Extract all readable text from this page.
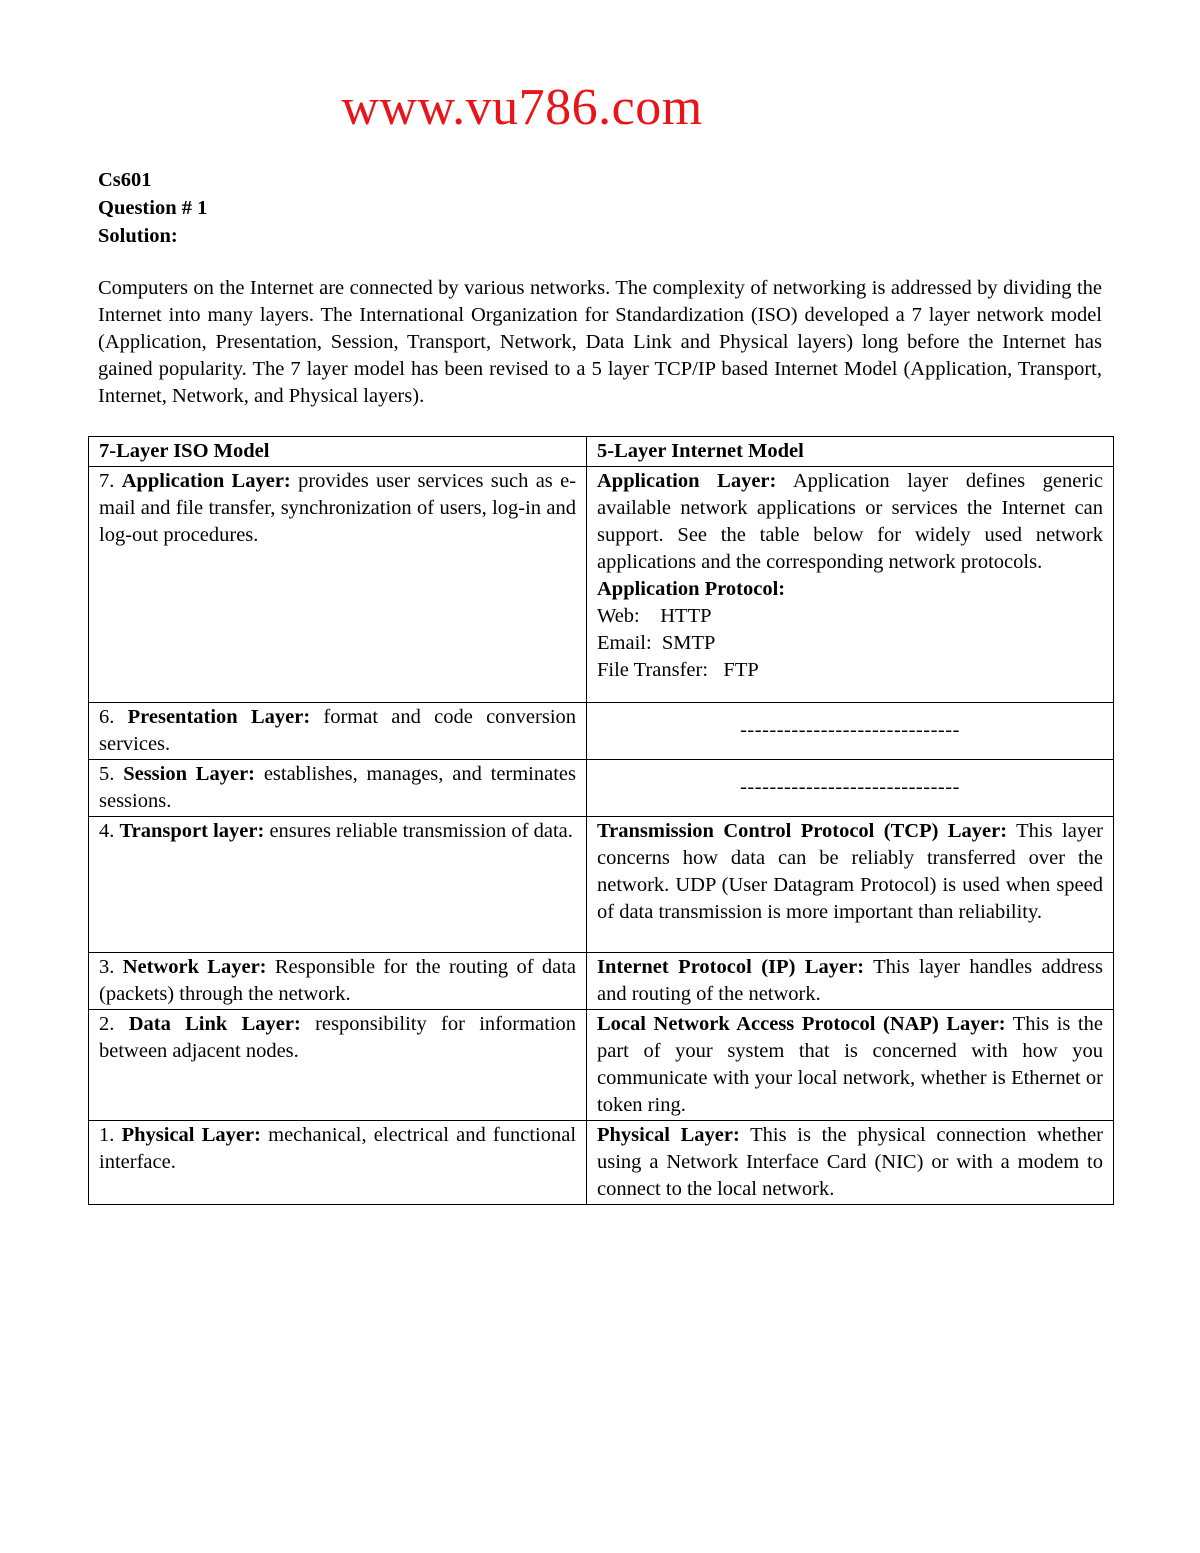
www.vu786.com
Cs601
Question # 1
Solution:
Computers on the Internet are connected by various networks. The complexity of networking is addressed by dividing the Internet into many layers. The International Organization for Standardization (ISO) developed a 7 layer network model (Application, Presentation, Session, Transport, Network, Data Link and Physical layers) long before the Internet has gained popularity. The 7 layer model has been revised to a 5 layer TCP/IP based Internet Model (Application, Transport, Internet, Network, and Physical layers).
7-Layer ISO Model	5-Layer Internet Model
7. Application Layer: provides user services such as e-mail and file transfer, synchronization of users, log-in and log-out procedures.	Application Layer: Application layer defines generic available network applications or services the Internet can support. See the table below for widely used network applications and the corresponding network protocols.
Application Protocol:
Web:    HTTP
Email:  SMTP
File Transfer:   FTP

6. Presentation Layer: format and code conversion services.	------------------------------
5. Session Layer: establishes, manages, and terminates sessions.	------------------------------
4. Transport layer: ensures reliable transmission of data.	Transmission Control Protocol (TCP) Layer: This layer concerns how data can be reliably transferred over the network. UDP (User Datagram Protocol) is used when speed of data transmission is more important than reliability.
3. Network Layer: Responsible for the routing of data (packets) through the network.	Internet Protocol (IP) Layer: This layer handles address and routing of the network.
2. Data Link Layer: responsibility for information between adjacent nodes.	Local Network Access Protocol (NAP) Layer: This is the part of your system that is concerned with how you communicate with your local network, whether is Ethernet or token ring.
1. Physical Layer: mechanical, electrical and functional interface.	Physical Layer: This is the physical connection whether using a Network Interface Card (NIC) or with a modem to connect to the local network.
